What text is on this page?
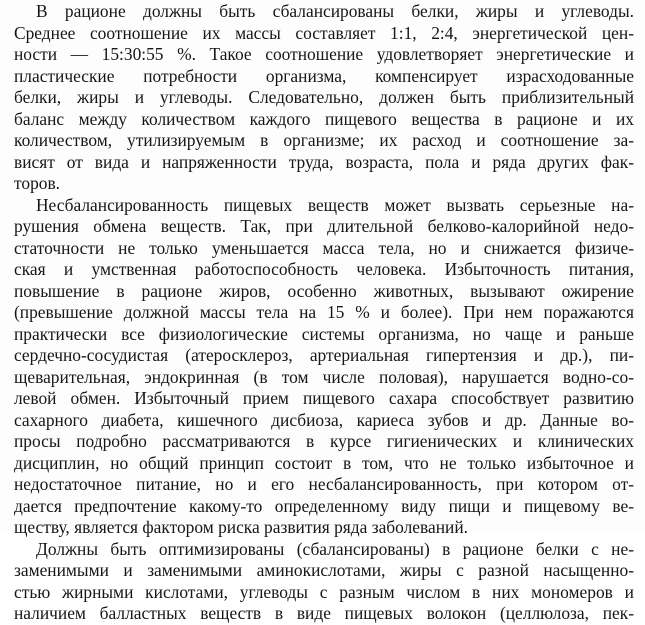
В рационе должны быть сбалансированы белки, жиры и углеводы.
Среднее соотношение их массы составляет 1:1, 2:4, энергетической цен-
ности — 15:30:55 %. Такое соотношение удовлетворяет энергетические и
пластические потребности организма, компенсирует израсходованные
белки, жиры и углеводы. Следовательно, должен быть приблизительный
баланс между количеством каждого пищевого вещества в рационе и их
количеством, утилизируемым в организме; их расход и соотношение за-
висят от вида и напряженности труда, возраста, пола и ряда других фак-
торов.
Несбалансированность пищевых веществ может вызвать серьезные на-
рушения обмена веществ. Так, при длительной белково-калорийной недо-
статочности не только уменьшается масса тела, но и снижается физиче-
ская и умственная работоспособность человека. Избыточность питания,
повышение в рационе жиров, особенно животных, вызывают ожирение
(превышение должной массы тела на 15 % и более). При нем поражаются
практически все физиологические системы организма, но чаще и раньше
сердечно-сосудистая (атеросклероз, артериальная гипертензия и др.), пи-
щеварительная, эндокринная (в том числе половая), нарушается водно-со-
левой обмен. Избыточный прием пищевого сахара способствует развитию
сахарного диабета, кишечного дисбиоза, кариеса зубов и др. Данные во-
просы подробно рассматриваются в курсе гигиенических и клинических
дисциплин, но общий принцип состоит в том, что не только избыточное и
недостаточное питание, но и его несбалансированность, при котором от-
дается предпочтение какому-то определенному виду пищи и пищевому ве-
ществу, является фактором риска развития ряда заболеваний.
Должны быть оптимизированы (сбалансированы) в рационе белки с не-
заменимыми и заменимыми аминокислотами, жиры с разной насыщенно-
стью жирными кислотами, углеводы с разным числом в них мономеров и
наличием балластных веществ в виде пищевых волокон (целлюлоза, пек-
